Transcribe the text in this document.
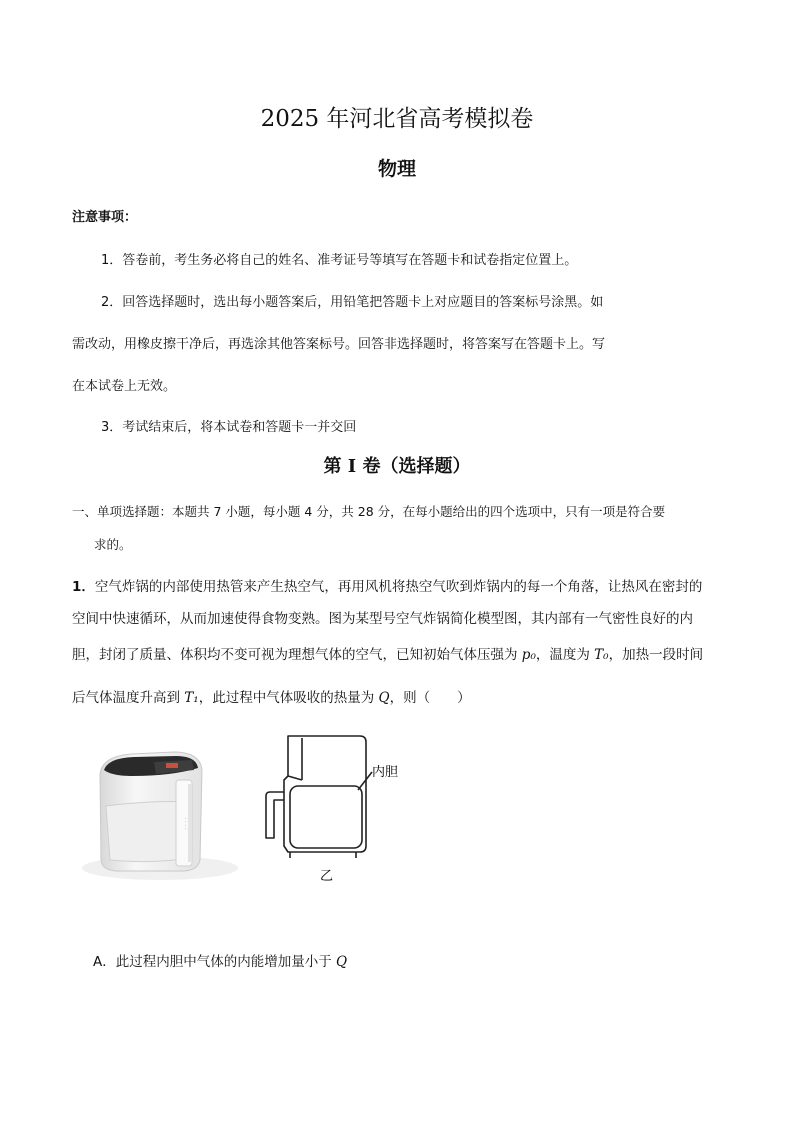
2025 年河北省高考模拟卷
物理
注意事项：
1．答卷前，考生务必将自己的姓名、准考证号等填写在答题卡和试卷指定位置上。
2．回答选择题时，选出每小题答案后，用铅笔把答题卡上对应题目的答案标号涂黑。如
需改动，用橡皮擦干净后，再选涂其他答案标号。回答非选择题时，将答案写在答题卡上。写
在本试卷上无效。
3．考试结束后，将本试卷和答题卡一并交回
第 I 卷（选择题）
一、单项选择题：本题共 7 小题，每小题 4 分，共 28 分，在每小题给出的四个选项中，只有一项是符合要
求的。
1．空气炸锅的内部使用热管来产生热空气，再用风机将热空气吹到炸锅内的每一个角落，让热风在密封的
空间中快速循环，从而加速使得食物变熟。图为某型号空气炸锅简化模型图，其内部有一气密性良好的内
胆，封闭了质量、体积均不变可视为理想气体的空气，已知初始气体压强为 p₀，温度为 T₀，加热一段时间
后气体温度升高到 T₁，此过程中气体吸收的热量为 Q，则（　　）
· · · ·
内胆
乙
A．此过程内胆中气体的内能增加量小于 Q
